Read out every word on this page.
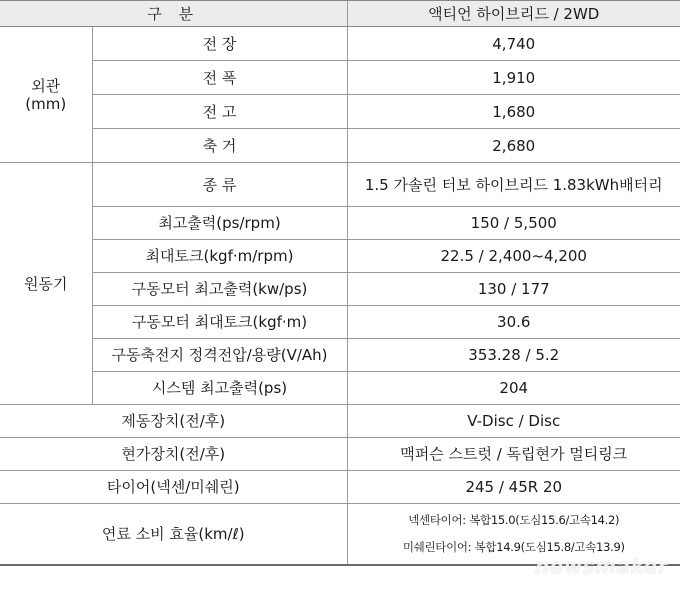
구 분		액티언 하이브리드 / 2WD
외관
(mm)	전 장	4,740
	전 폭	1,910
	전 고	1,680
	축 거	2,680
원동기	종 류	1.5 가솔린 터보 하이브리드 1.83kWh배터리
	최고출력(ps/rpm)	150 / 5,500
	최대토크(kgf·m/rpm)	22.5 / 2,400~4,200
	구동모터 최고출력(kw/ps)	130 / 177
	구동모터 최대토크(kgf·m)	30.6
	구동축전지 정격전압/용량(V/Ah)	353.28 / 5.2
	시스템 최고출력(ps)	204
제동장치(전/후)		V-Disc / Disc
현가장치(전/후)		맥퍼슨 스트럿 / 독립현가 멀티링크
타이어(넥센/미쉐린)		245 / 45R 20
연료 소비 효율(km/ℓ)		넥센타이어: 복합15.0(도심15.6/고속14.2)
미쉐린타이어: 복합14.9(도심15.8/고속13.9)
newsmaker
